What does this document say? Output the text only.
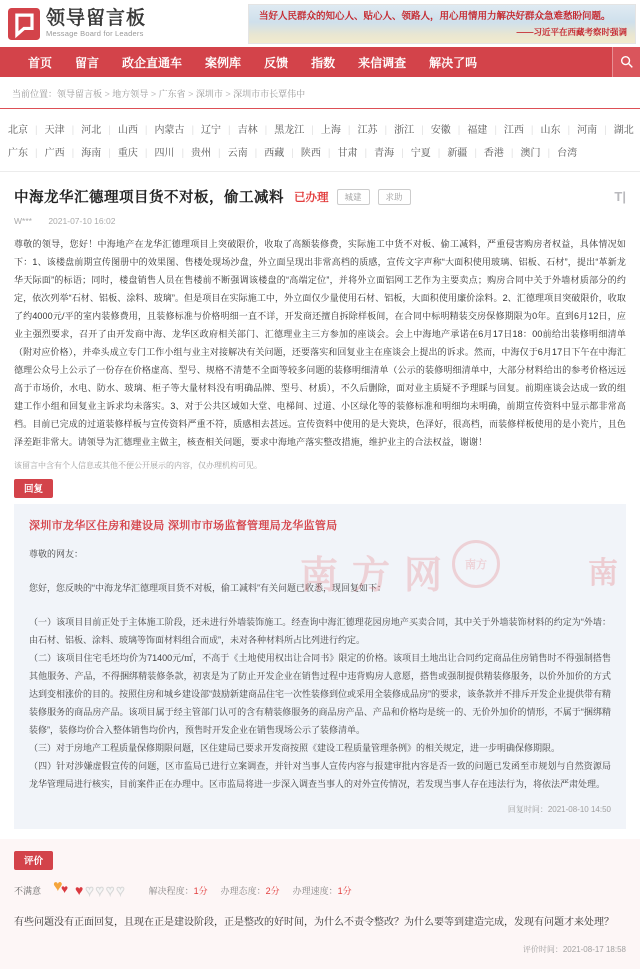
领导留言板
Message Board for Leaders
当好人民群众的知心人、贴心人、领路人，用心用情用力解决好群众急难愁盼问题。
——习近平在西藏考察时强调
首页 留言 政企直通车 案例库 反馈 指数 来信调查 解决了吗
当前位置：领导留言板 > 地方领导 > 广东省 > 深圳市 > 深圳市市长覃伟中
北京 | 天津 | 河北 | 山西 | 内蒙古 | 辽宁 | 吉林 | 黑龙江 | 上海 | 江苏 | 浙江 | 安徽 | 福建 | 江西 | 山东 | 河南 | 湖北|
广东 | 广西 | 海南 | 重庆 | 四川 | 贵州 | 云南 | 西藏 | 陕西 | 甘肃 | 青海 | 宁夏 | 新疆 | 香港 | 澳门 | 台湾
中海龙华汇德理项目货不对板，偷工减料 已办理	城建	求助	T|
W*** 2021-07-10 16:02

尊敬的领导，您好！中海地产在龙华汇德理项目上突破限价，收取了高额装修费，实际施工中货不对板、偷工减料，严重侵害购房者权益，具体情况如下：1、该楼盘前期宣传图册中的效果图、售楼处现场沙盘，外立面呈现出非常高档的质感，宣传文字声称“大面积使用玻璃、铝板、石材”，提出“革新龙华天际面”的标语；同时，楼盘销售人员在售楼前不断强调该楼盘的“高端定位”，并将外立面铝网工艺作为主要卖点；购房合同中关于外墙材质部分的约定，依次列举“石材、铝板、涂料、玻璃”。但是项目在实际施工中，外立面仅少量使用石材、铝板，大面积使用廉价涂料。2、汇德理项目突破限价，收取了约4000元/平的室内装修费用，且装修标准与价格明细一直不详，开发商还擅自拆除样板间，在合同中标明精装交房保修期限为0年。直到6月12日，应业主强烈要求，召开了由开发商中海、龙华区政府相关部门、汇德理业主三方参加的座谈会。会上中海地产承诺在6月17日18：00前给出装修明细清单（附对应价格），并牵头成立专门工作小组与业主对接解决有关问题，还要落实和回复业主在座谈会上提出的诉求。然而，中海仅于6月17日下午在中海汇德理公众号上公示了一份存在价格虚高、型号、规格不清楚不全面等较多问题的装修明细清单（公示的装修明细清单中，大部分材料给出的参考价格远远高于市场价，水电、防水、玻璃、柜子等大量材料没有明确品牌、型号、材质），不久后删除，面对业主质疑不予理睬与回复。前期座谈会达成一致的组建工作小组和回复业主诉求均未落实。3、对于公共区域如大堂、电梯间、过道、小区绿化等的装修标准和明细均未明确，前期宣传资料中显示都非常高档。目前已完成的过道装修样板与宣传资料严重不符，质感相去甚远。宣传资料中使用的是大瓷块，色泽好，很高档，而装修样板使用的是小瓷片，且色泽差距非常大。请领导为汇德理业主做主，核查相关问题，要求中海地产落实整改措施，维护业主的合法权益，谢谢！

该留言中含有个人信息或其他不便公开展示的内容，仅办理机构可见。
回复
深圳市龙华区住房和建设局 深圳市市场监督管理局龙华监管局
尊敬的网友：
您好，您反映的“中海龙华汇德理项目货不对板，偷工减料”有关问题已收悉，现回复如下：

（一）该项目目前正处于主体施工阶段，还未进行外墙装饰施工。经查询中海汇德理花园房地产买卖合同，其中关于外墙装饰材料的约定为“外墙：由石材、铝板、涂料、玻璃等饰面材料组合而成”，未对各种材料所占比列进行约定。

（二）该项目住宅毛坯均价为71400元/㎡，不高于《土地使用权出让合同书》限定的价格。该项目土地出让合同约定商品住房销售时不得强制搭售其他服务、产品，不得捆绑精装修条款，初衷是为了防止开发企业在销售过程中违背购房人意愿，搭售或强制提供精装修服务，以价外加价的方式达到变相涨价的目的。按照住房和城乡建设部“鼓励新建商品住宅一次性装修到位或采用全装修成品房”的要求，该条款并不排斥开发企业提供带有精装修服务的商品房产品。该项目属于经主管部门认可的含有精装修服务的商品房产品、产品和价格均是统一的、无价外加价的情形，不属于“捆绑精装修”，装修均价合入整体销售均价内，预售时开发企业在销售现场公示了装修清单。

（三）对于房地产工程质量保修期限问题，区住建局已要求开发商按照《建设工程质量管理条例》的相关规定，进一步明确保修期限。

（四）针对涉嫌虚假宣传的问题，区市监局已进行立案调查，并针对当事人宣传内容与报建审批内容是否一致的问题已发函至市规划与自然资源局龙华管理局进行核实，目前案件正在办理中。区市监局将进一步深入调查当事人的对外宣传情况，若发现当事人存在违法行为，将依法严肃处理。

回复时间：2021-08-10 14:50
评价
不满意 ♥
♥ ♥ ♥ ♥ ♥ ♥	解决程度：1分 办理态度：2分 办理速度：1分

有些问题没有正面回复，且现在正是建设阶段，正是整改的好时间，为什么不责令整改？为什么要等到建造完成，发现有问题才来处理？

评价时间：2021-08-17 18:58
南方网 南方	南
